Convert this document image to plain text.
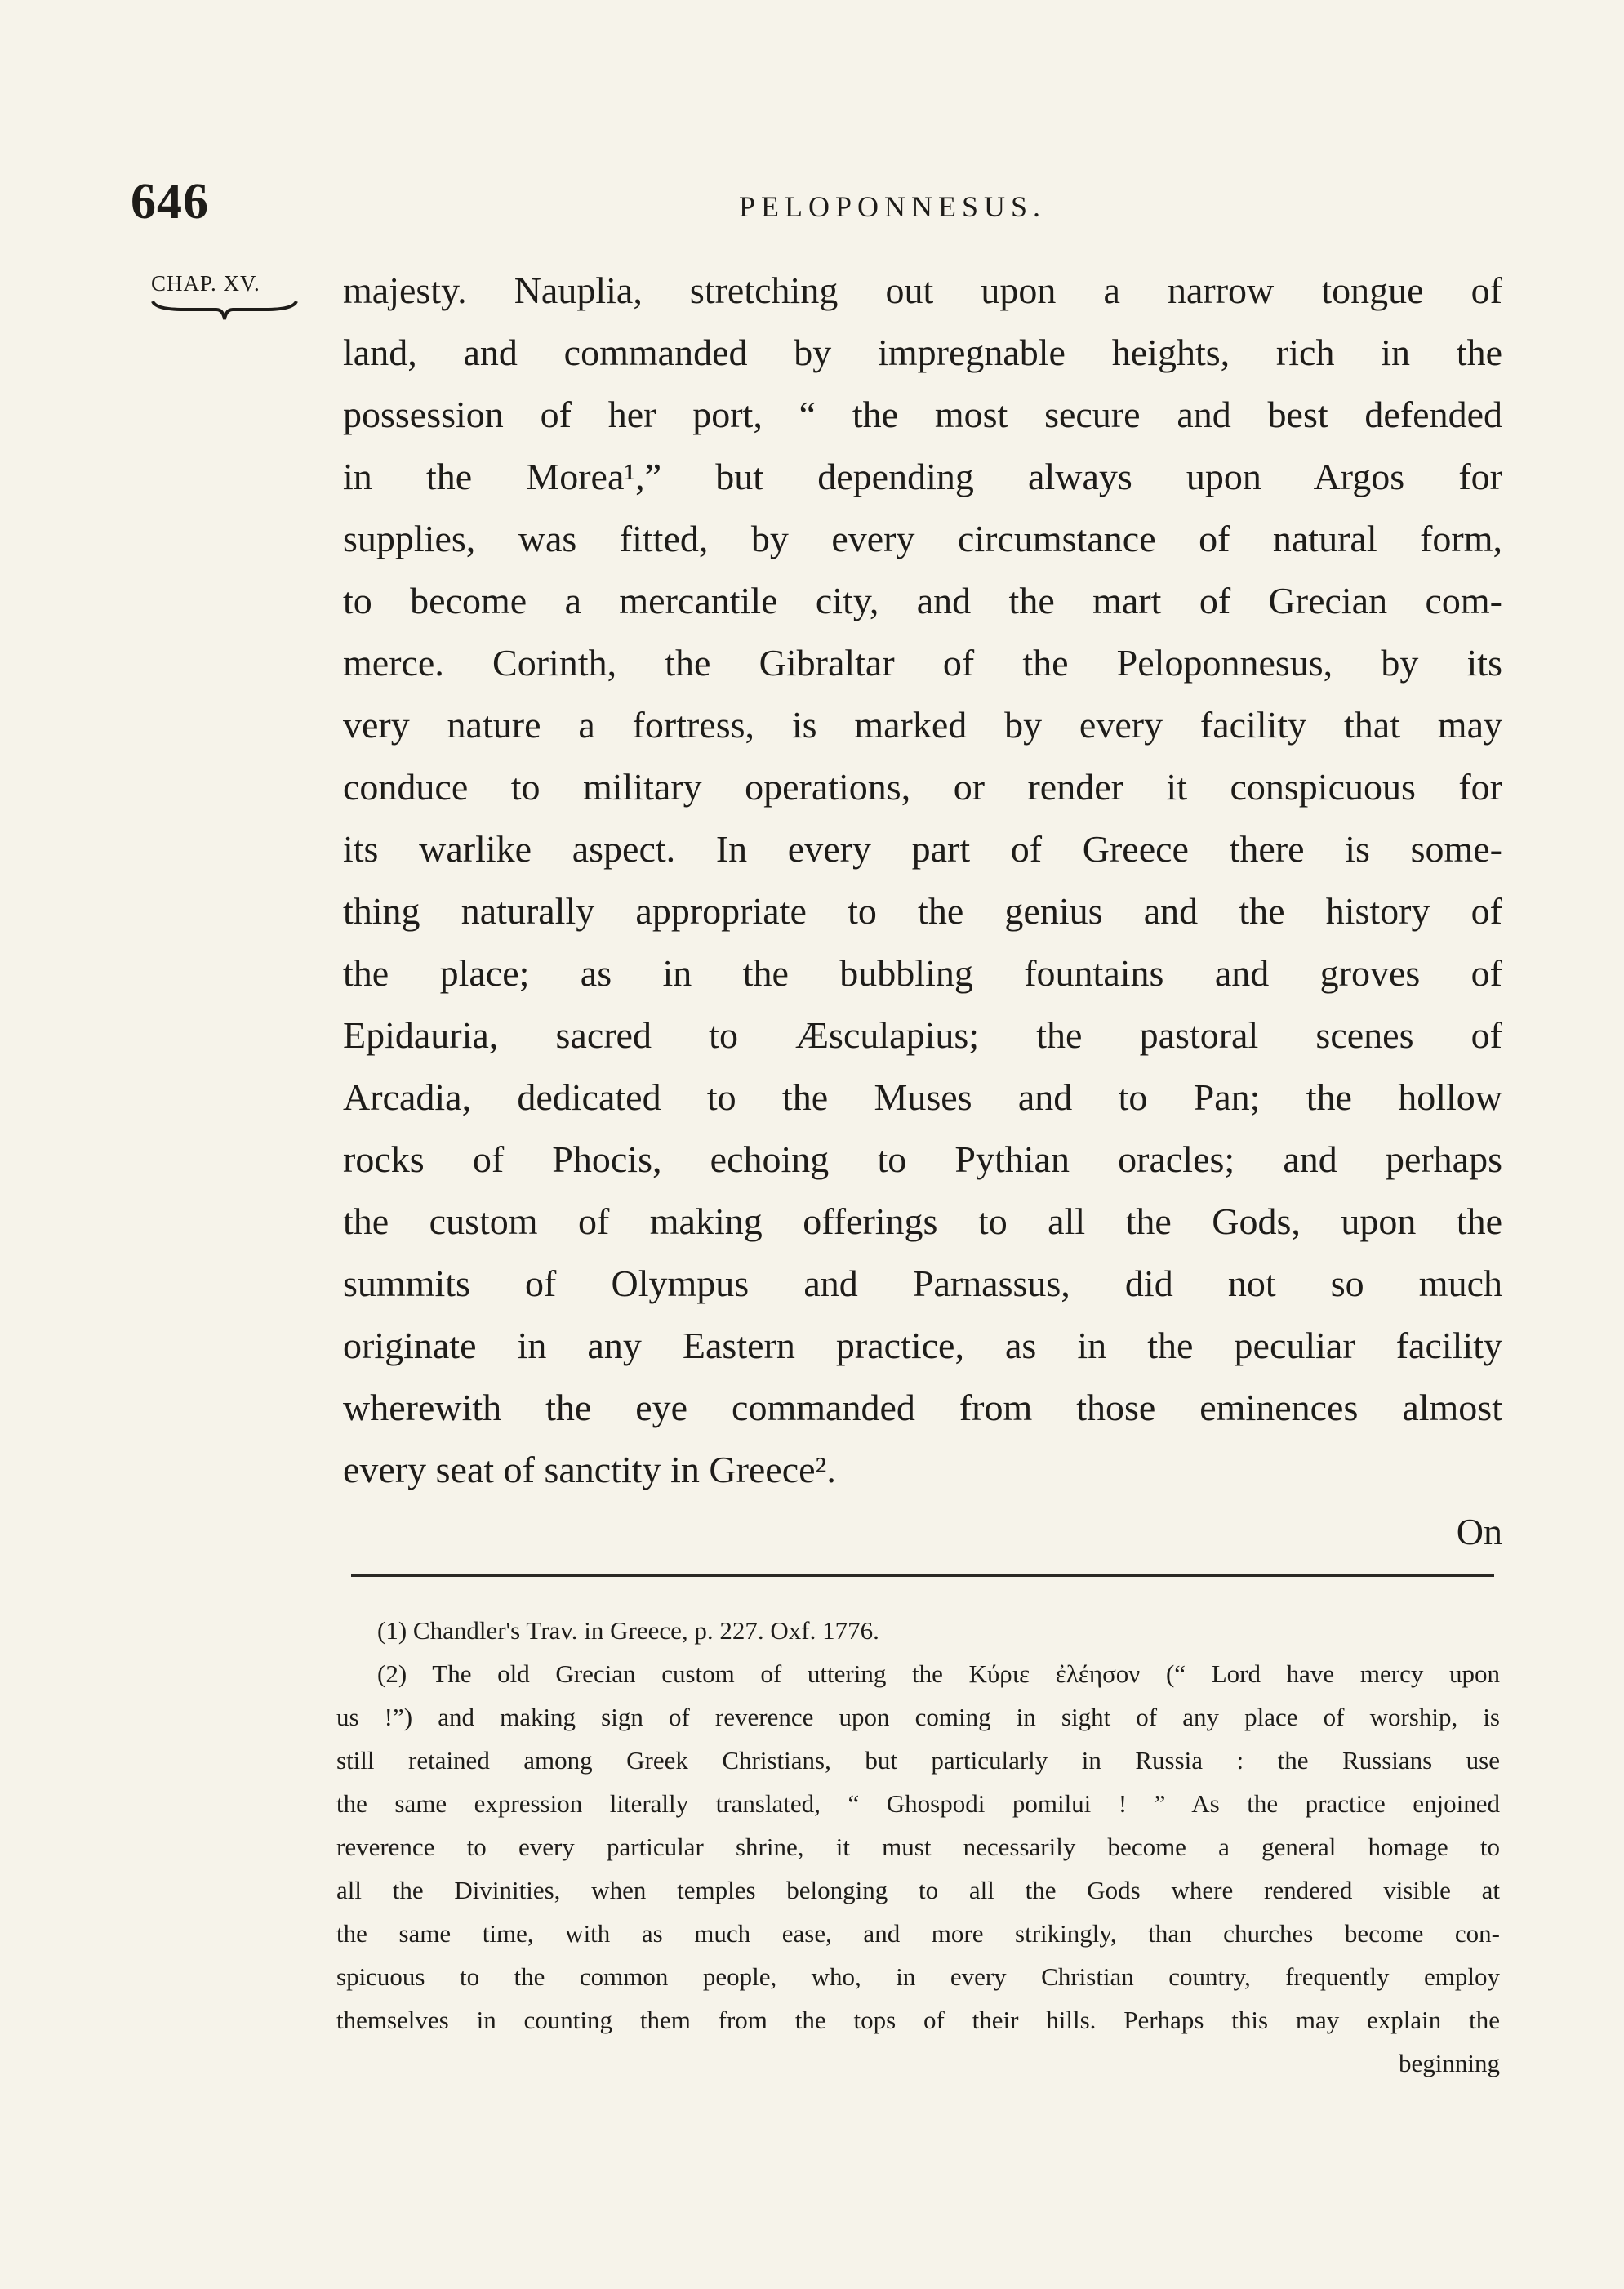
646	PELOPONNESUS.
CHAP. XV.	majesty. Nauplia, stretching out upon a narrow tongue of
land, and commanded by impregnable heights, rich in the
possession of her port, “ the most secure and best defended
in the Morea¹,” but depending always upon Argos for
supplies, was fitted, by every circumstance of natural form,
to become a mercantile city, and the mart of Grecian com-
merce. Corinth, the Gibraltar of the Peloponnesus, by its
very nature a fortress, is marked by every facility that may
conduce to military operations, or render it conspicuous for
its warlike aspect. In every part of Greece there is some-
thing naturally appropriate to the genius and the history of
the place; as in the bubbling fountains and groves of
Epidauria, sacred to Æsculapius; the pastoral scenes of
Arcadia, dedicated to the Muses and to Pan; the hollow
rocks of Phocis, echoing to Pythian oracles; and perhaps
the custom of making offerings to all the Gods, upon the
summits of Olympus and Parnassus, did not so much
originate in any Eastern practice, as in the peculiar facility
wherewith the eye commanded from those eminences almost
every seat of sanctity in Greece².
On
(1) Chandler's Trav. in Greece, p. 227. Oxf. 1776.
(2) The old Grecian custom of uttering the Κύριε ἐλέησον (“ Lord have mercy upon
us !”) and making sign of reverence upon coming in sight of any place of worship, is
still retained among Greek Christians, but particularly in Russia : the Russians use
the same expression literally translated, “ Ghospodi pomilui ! ” As the practice enjoined
reverence to every particular shrine, it must necessarily become a general homage to
all the Divinities, when temples belonging to all the Gods where rendered visible at
the same time, with as much ease, and more strikingly, than churches become con-
spicuous to the common people, who, in every Christian country, frequently employ
themselves in counting them from the tops of their hills. Perhaps this may explain the
beginning
